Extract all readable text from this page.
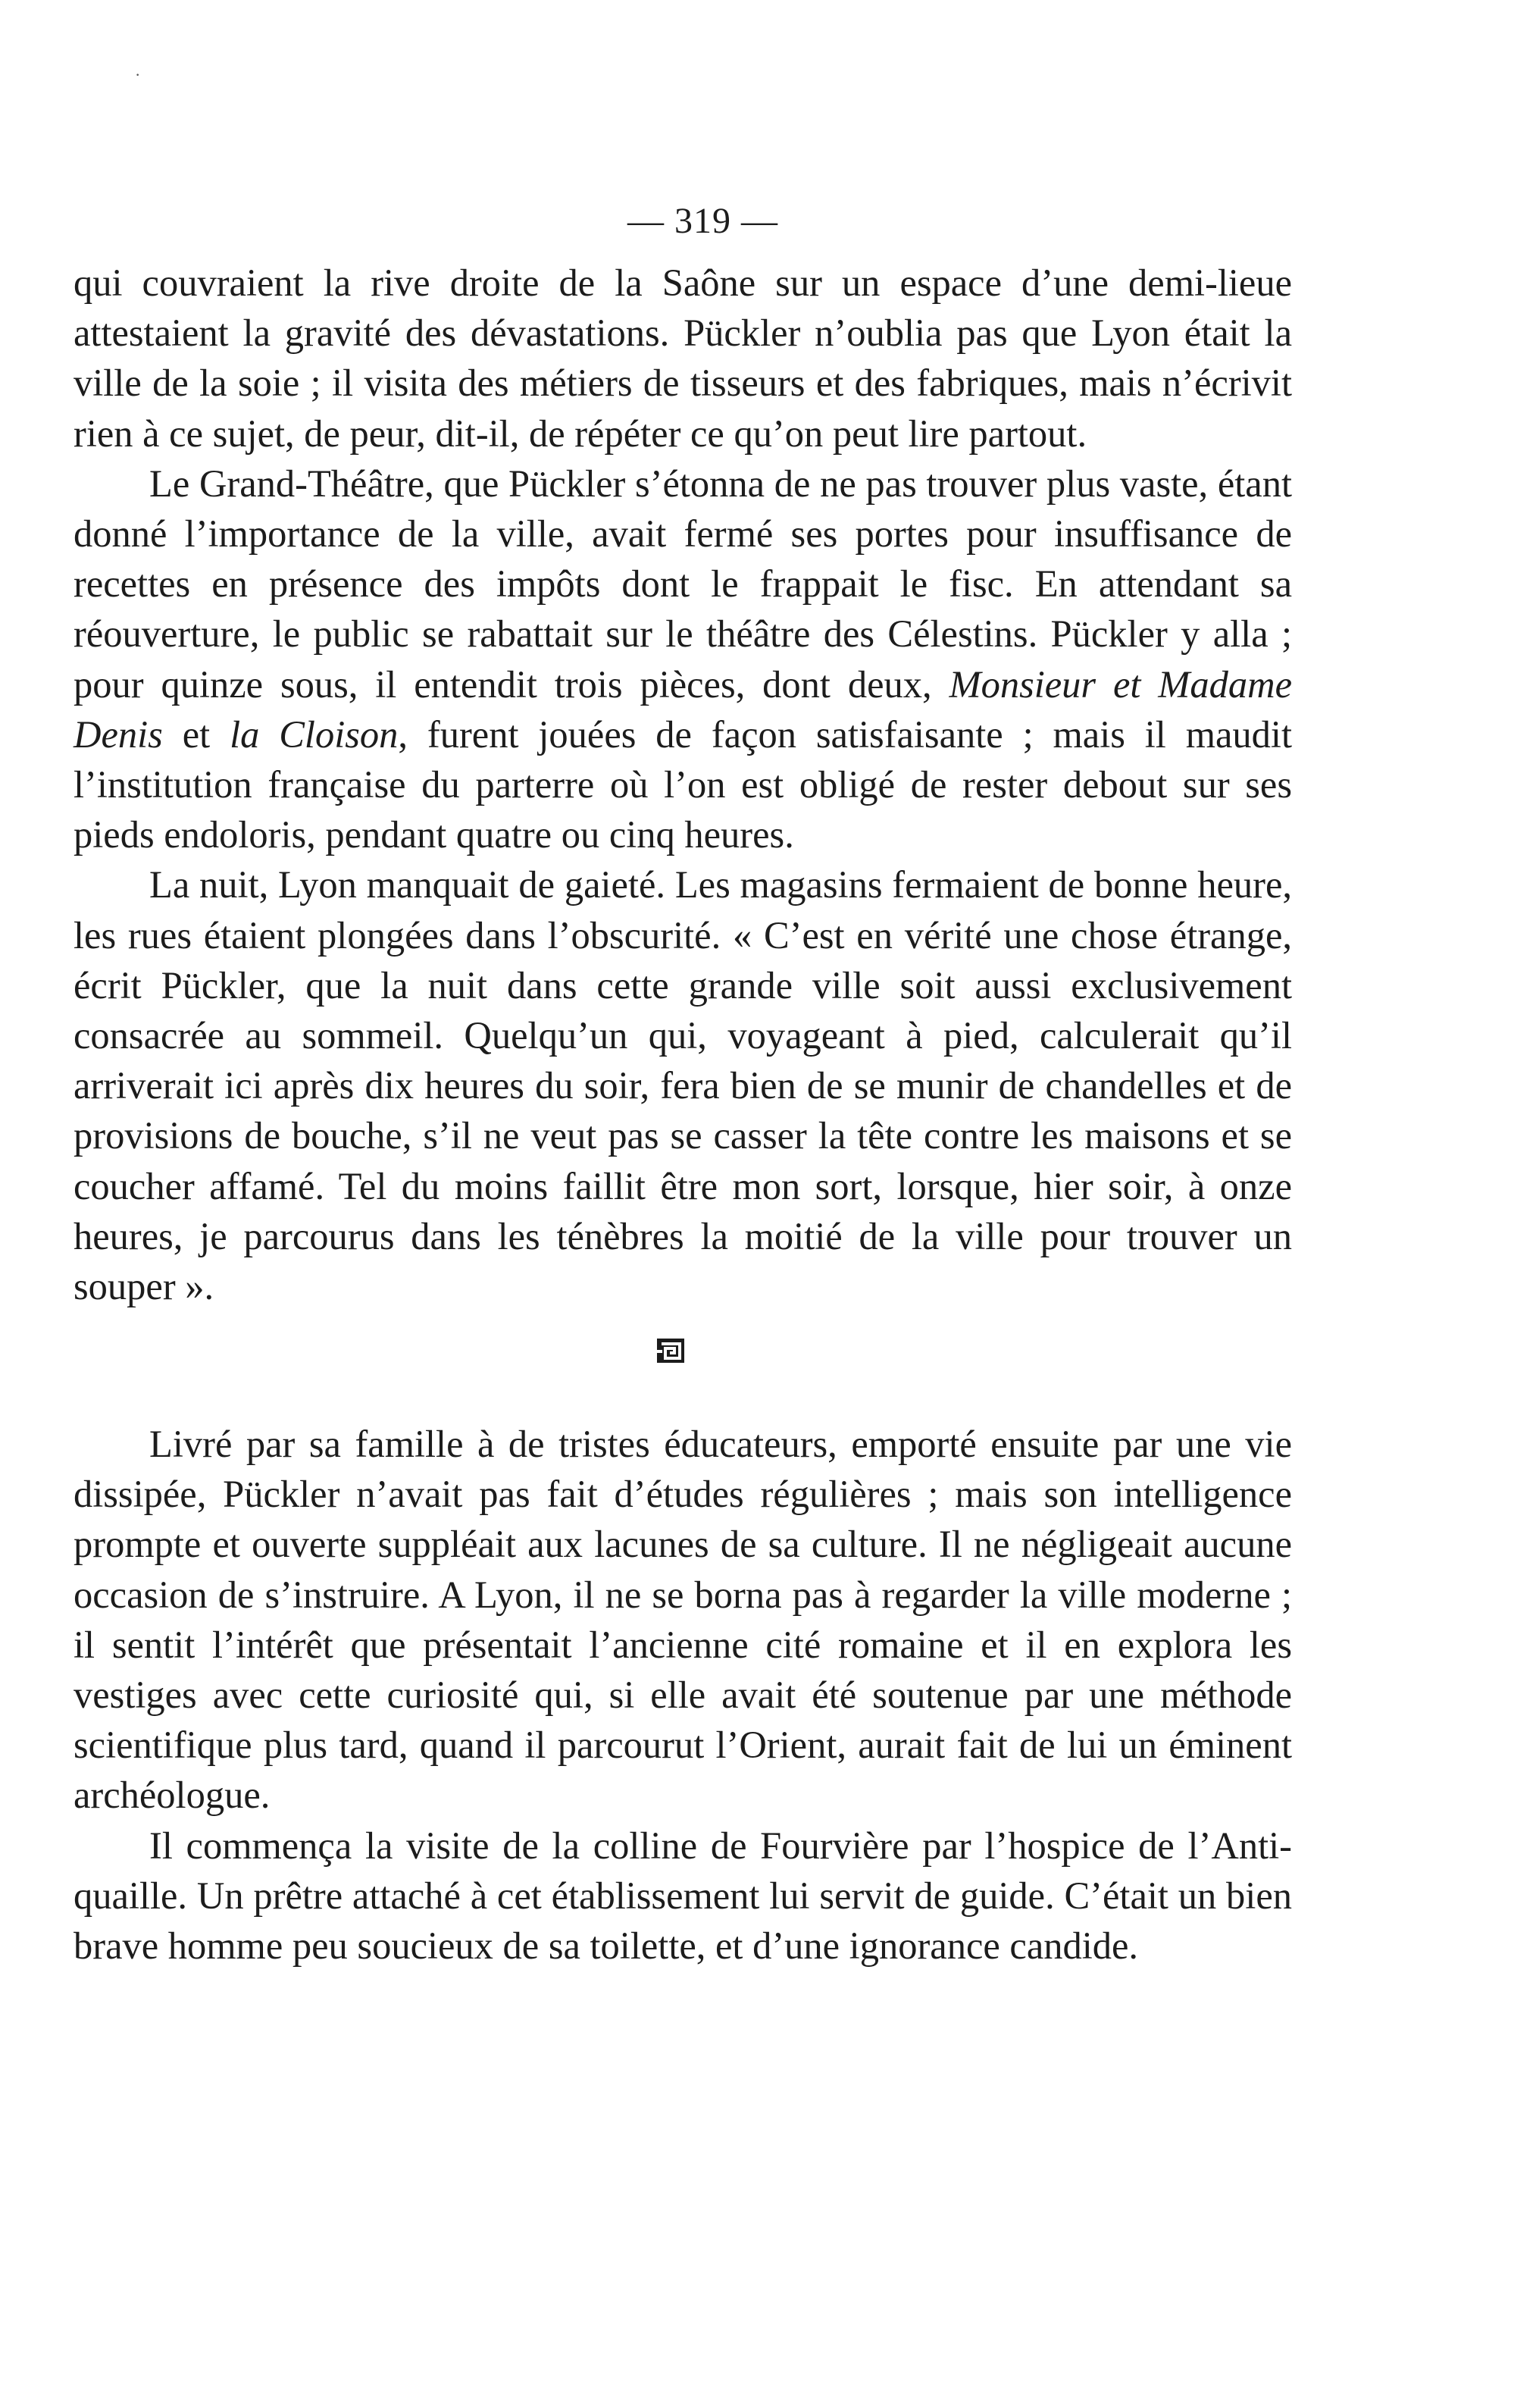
·
— 319 —

qui couvraient la rive droite de la Saône sur un espace d’une demi-lieue attestaient la gravité des dévastations. Pückler n’oublia pas que Lyon était la ville de la soie ; il visita des métiers de tisseurs et des fabriques, mais n’écrivit rien à ce sujet, de peur, dit-il, de répéter ce qu’on peut lire partout.

Le Grand-Théâtre, que Pückler s’étonna de ne pas trouver plus vaste, étant donné l’importance de la ville, avait fermé ses portes pour insuffisance de recettes en présence des impôts dont le frappait le fisc. En attendant sa réouverture, le public se rabattait sur le théâtre des Célestins. Pückler y alla ; pour quinze sous, il entendit trois pièces, dont deux, Monsieur et Madame Denis et la Cloison, furent jouées de façon satisfaisante ; mais il maudit l’institution française du parterre où l’on est obligé de rester debout sur ses pieds endoloris, pendant quatre ou cinq heures.

La nuit, Lyon manquait de gaieté. Les magasins fermaient de bonne heure, les rues étaient plongées dans l’obscurité. « C’est en vérité une chose étrange, écrit Pückler, que la nuit dans cette grande ville soit aussi exclusivement consacrée au sommeil. Quelqu’un qui, voyageant à pied, calculerait qu’il arriverait ici après dix heures du soir, fera bien de se munir de chandelles et de provisions de bouche, s’il ne veut pas se casser la tête contre les maisons et se coucher affamé. Tel du moins faillit être mon sort, lorsque, hier soir, à onze heures, je parcourus dans les ténèbres la moitié de la ville pour trouver un souper ».

Livré par sa famille à de tristes éducateurs, emporté ensuite par une vie dissipée, Pückler n’avait pas fait d’études régulières ; mais son intelligence prompte et ouverte suppléait aux lacunes de sa culture. Il ne négligeait aucune occasion de s’instruire. A Lyon, il ne se borna pas à regarder la ville moderne ; il sentit l’intérêt que présentait l’ancienne cité romaine et il en explora les vestiges avec cette curiosité qui, si elle avait été soutenue par une méthode scientifique plus tard, quand il parcourut l’Orient, aurait fait de lui un éminent archéologue.

Il commença la visite de la colline de Fourvière par l’hospice de l’Antiquaille. Un prêtre attaché à cet établissement lui servit de guide. C’était un bien brave homme peu soucieux de sa toilette, et d’une ignorance candide.
